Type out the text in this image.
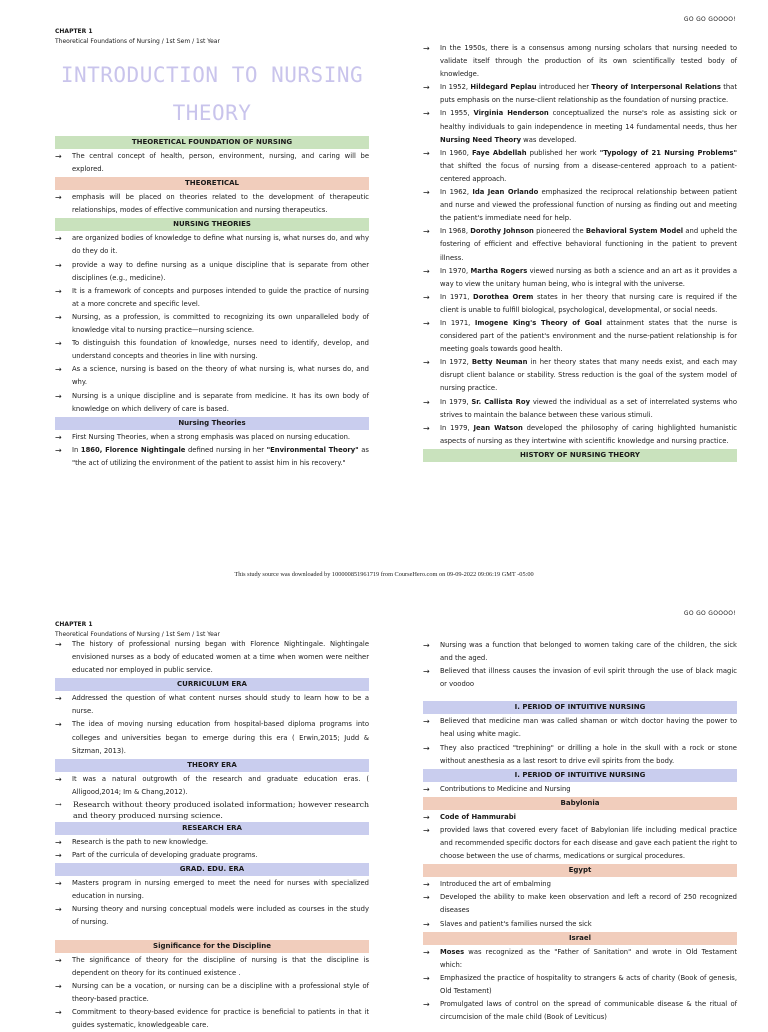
CHAPTER 1
Theoretical Foundations of Nursing / 1st Sem / 1st Year
GO GO GOOOO!
INTRODUCTION TO NURSING
THEORY
THEORETICAL FOUNDATION OF NURSING
→ The central concept of health, person, environment, nursing, and caring will be explored.
THEORETICAL
→ emphasis will be placed on theories related to the development of therapeutic relationships, modes of effective communication and nursing therapeutics.
NURSING THEORIES
→ are organized bodies of knowledge to define what nursing is, what nurses do, and why do they do it.
→ provide a way to define nursing as a unique discipline that is separate from other disciplines (e.g., medicine).
→ It is a framework of concepts and purposes intended to guide the practice of nursing at a more concrete and specific level.
→ Nursing, as a profession, is committed to recognizing its own unparalleled body of knowledge vital to nursing practice—nursing science.
→ To distinguish this foundation of knowledge, nurses need to identify, develop, and understand concepts and theories in line with nursing.
→ As a science, nursing is based on the theory of what nursing is, what nurses do, and why.
→ Nursing is a unique discipline and is separate from medicine. It has its own body of knowledge on which delivery of care is based.
Nursing Theories
→ First Nursing Theories, when a strong emphasis was placed on nursing education.
→ In 1860, Florence Nightingale defined nursing in her "Environmental Theory" as "the act of utilizing the environment of the patient to assist him in his recovery."
→ In the 1950s, there is a consensus among nursing scholars that nursing needed to validate itself through the production of its own scientifically tested body of knowledge.
→ In 1952, Hildegard Peplau introduced her Theory of Interpersonal Relations that puts emphasis on the nurse-client relationship as the foundation of nursing practice.
→ In 1955, Virginia Henderson conceptualized the nurse's role as assisting sick or healthy individuals to gain independence in meeting 14 fundamental needs, thus her Nursing Need Theory was developed.
→ In 1960, Faye Abdellah published her work "Typology of 21 Nursing Problems" that shifted the focus of nursing from a disease-centered approach to a patient-centered approach.
→ In 1962, Ida Jean Orlando emphasized the reciprocal relationship between patient and nurse and viewed the professional function of nursing as finding out and meeting the patient's immediate need for help.
→ In 1968, Dorothy Johnson pioneered the Behavioral System Model and upheld the fostering of efficient and effective behavioral functioning in the patient to prevent illness.
→ In 1970, Martha Rogers viewed nursing as both a science and an art as it provides a way to view the unitary human being, who is integral with the universe.
→ In 1971, Dorothea Orem states in her theory that nursing care is required if the client is unable to fulfill biological, psychological, developmental, or social needs.
→ In 1971, Imogene King's Theory of Goal attainment states that the nurse is considered part of the patient's environment and the nurse-patient relationship is for meeting goals towards good health.
→ In 1972, Betty Neuman in her theory states that many needs exist, and each may disrupt client balance or stability. Stress reduction is the goal of the system model of nursing practice.
→ In 1979, Sr. Callista Roy viewed the individual as a set of interrelated systems who strives to maintain the balance between these various stimuli.
→ In 1979, Jean Watson developed the philosophy of caring highlighted humanistic aspects of nursing as they intertwine with scientific knowledge and nursing practice.
HISTORY OF NURSING THEORY
This study source was downloaded by 100000851961719 from CourseHero.com on 09-09-2022 09:06:19 GMT -05:00
CHAPTER 1
Theoretical Foundations of Nursing / 1st Sem / 1st Year
GO GO GOOOO!
→ The history of professional nursing began with Florence Nightingale. Nightingale envisioned nurses as a body of educated women at a time when women were neither educated nor employed in public service.
CURRICULUM ERA
→ Addressed the question of what content nurses should study to learn how to be a nurse.
→ The idea of moving nursing education from hospital-based diploma programs into colleges and universities began to emerge during this era ( Erwin,2015; Judd & Sitzman, 2013).
THEORY ERA
→ It was a natural outgrowth of the research and graduate education eras. ( Alligood,2014; Im & Chang,2012).
→ Research without theory produced isolated information; however research and theory produced nursing science.
RESEARCH ERA
→ Research is the path to new knowledge.
→ Part of the curricula of developing graduate programs.
GRAD. EDU. ERA
→ Masters program in nursing emerged to meet the need for nurses with specialized education in nursing.
→ Nursing theory and nursing conceptual models were included as courses in the study of nursing.
Significance for the Discipline
→ The significance of theory for the discipline of nursing is that the discipline is dependent on theory for its continued existence .
→ Nursing can be a vocation, or nursing can be a discipline with a professional style of theory-based practice.
→ Commitment to theory-based evidence for practice is beneficial to patients in that it guides systematic, knowledgeable care.
→ Nursing was a function that belonged to women taking care of the children, the sick and the aged.
→ Believed that illness causes the invasion of evil spirit through the use of black magic or voodoo
I. PERIOD OF INTUITIVE NURSING
→ Believed that medicine man was called shaman or witch doctor having the power to heal using white magic.
→ They also practiced "trephining" or drilling a hole in the skull with a rock or stone without anesthesia as a last resort to drive evil spirits from the body.
I. PERIOD OF INTUITIVE NURSING
→ Contributions to Medicine and Nursing
Babylonia
→ Code of Hammurabi
→ provided laws that covered every facet of Babylonian life including medical practice and recommended specific doctors for each disease and gave each patient the right to choose between the use of charms, medications or surgical procedures.
Egypt
→ Introduced the art of embalming
→ Developed the ability to make keen observation and left a record of 250 recognized diseases
→ Slaves and patient's families nursed the sick
Israel
→ Moses was recognized as the "Father of Sanitation" and wrote in Old Testament which:
→ Emphasized the practice of hospitality to strangers & acts of charity (Book of genesis, Old Testament)
→ Promulgated laws of control on the spread of communicable disease & the ritual of circumcision of the male child (Book of Leviticus)
